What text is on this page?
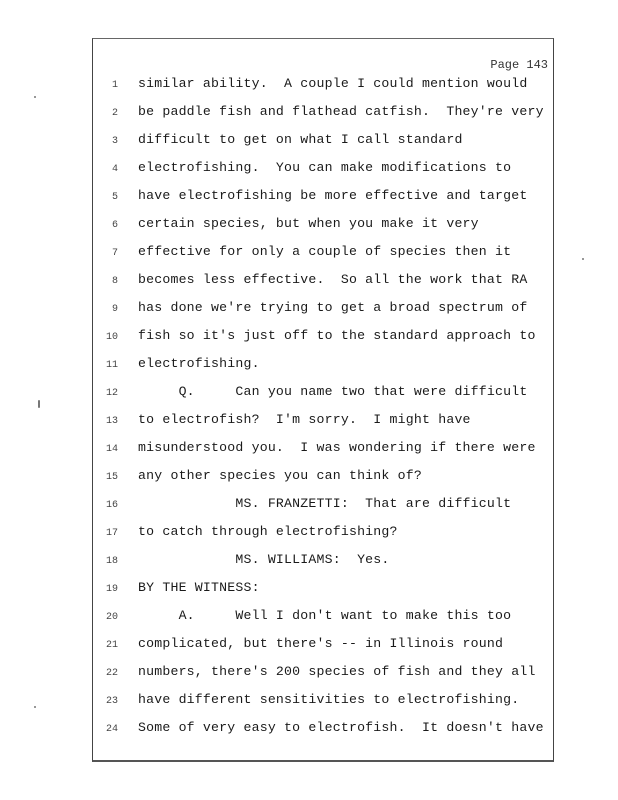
Page 143
1 similar ability.  A couple I could mention would
2 be paddle fish and flathead catfish.  They're very
3 difficult to get on what I call standard
4 electrofishing.  You can make modifications to
5 have electrofishing be more effective and target
6 certain species, but when you make it very
7 effective for only a couple of species then it
8 becomes less effective.  So all the work that RA
9 has done we're trying to get a broad spectrum of
10 fish so it's just off to the standard approach to
11 electrofishing.
12 Q.     Can you name two that were difficult
13 to electrofish?  I'm sorry.  I might have
14 misunderstood you.  I was wondering if there were
15 any other species you can think of?
16 MS. FRANZETTI:  That are difficult
17 to catch through electrofishing?
18 MS. WILLIAMS:  Yes.
19 BY THE WITNESS:
20 A.     Well I don't want to make this too
21 complicated, but there's -- in Illinois round
22 numbers, there's 200 species of fish and they all
23 have different sensitivities to electrofishing.
24 Some of very easy to electrofish.  It doesn't have
